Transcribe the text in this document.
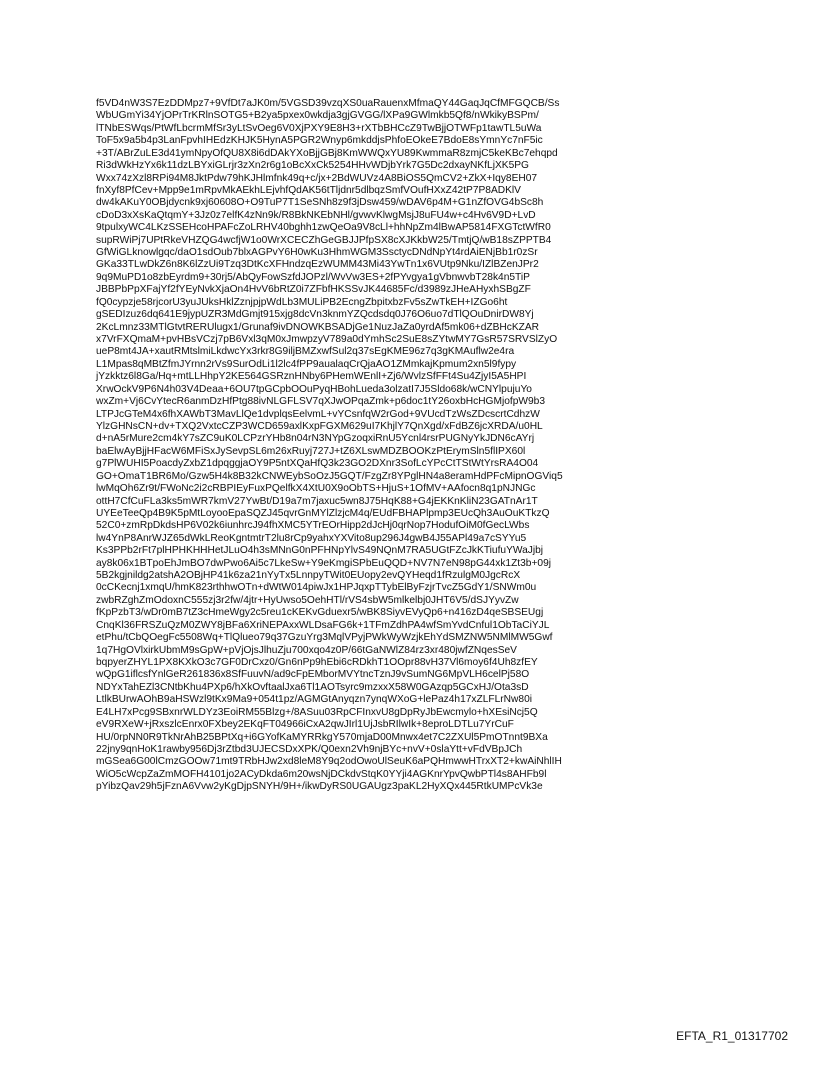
f5VD4nW3S7EzDDMpz7+9VfDt7aJK0m/5VGSD39vzqXS0uaRauenxMfmaQY44GaqJqCfMFGQCB/Ss
WbUGmYi34YjOPrTrKRlnSOTG5+B2ya5pxex0wkdja3gjGVGG/lXPa9GWlmkb5Qf8/nWkikyBSPm/
lTNbESWqs/PtWfLbcrmMfSr3yLtSvOeg6V0XjPXY9E8H3+rXTbBHCcZ9TwBjjOTWFp1tawTL5uWa
ToF5x9a5b4p3LanFpvhIHEdzKHJK5HynA5PGR2Wnyp6mkddjsPhfoEOkeE7BdoE8sYmnYc7nF5ic
+3T/ABrZuLE3d41ymNpyOfQU8X8i6dDAkYXoBjjGBj8KmWWQxYU89KwmmaR8zmjC5keKBc7ehqpd
Ri3dWkHzYx6k11dzLBYxiGLrjr3zXn2r6g1oBcXxCk5254HHvWDjbYrk7G5Dc2dxayNKfLjXK5PG
Wxx74zXzl8RPi94M8JktPdw79hKJHlmfnk49q+c/jx+2BdWUVz4A8BiOS5QmCV2+ZkX+Iqy8EH07
fnXyf8PfCev+Mpp9e1mRpvMkAEkhLEjvhfQdAK56tTljdnr5dlbqzSmfVOufHXxZ42tP7P8ADKlV
dw4kAKuY0OBjdycnk9xj60608O+O9TuP7T1SeSNh8z9f3jDsw459/wDAV6p4M+G1nZfOVG4bSc8h
cDoD3xXsKaQtqmY+3Jz0z7elfK4zNn9k/R8BkNKEbNHl/gvwvKlwgMsjJ8uFU4w+c4Hv6V9D+LvD
9tpulxyWC4LKzSSEHcoHPAFcZoLRHV40bghh1zwQeOa9V8cLl+hhNpZm4lBwAP5814FXGTctWfR0
supRWiPj7UPtRkeVHZQG4wcfjW1o0WrXCECZhGeGBJJPfpSX8cXJKkbW25/TmtjQ/wB18sZPPTB4
GfWiGLknowlgqc/daO1sdOub7blxAGPvY6H0wKu3HhmWGM3SsctycDNdNpYt4rdAiENjBb1r0zSr
GKa33TLwDkZ6n8K6lZzUi9Tzq3DtKcXFHndzqEzWUMM43Mi43YwTn1x6VUtp9Nku/IZlBZenJPr2
9q9MuPD1o8zbEyrdm9+30rj5/AbQyFowSzfdJOPzl/WvVw3ES+2fPYvgya1gVbnwvbT28k4n5TiP
JBBPbPpXFajYf2fYEyNvkXjaOn4HvV6bRtZ0i7ZFbfHKSSvJK44685Fc/d3989zJHeAHyxhSBgZF
fQ0cypzje58rjcorU3yuJUksHklZznjpjpWdLb3MULiPB2EcngZbpitxbzFv5sZwTkEH+IZGo6ht
gSEDIzuz6dq641E9jypUZR3MdGmjt915xjg8dcVn3knmYZQcdsdq0J76O6uo7dTlQOuDnirDW8Yj
2KcLmnz33MTlGtvtRERUlugx1/Grunaf9ivDNOWKBSADjGe1NuzJaZa0yrdAf5mk06+dZBHcKZAR
x7VrFXQmaM+pvHBsVCzj7pB6Vxl3qM0xJmwpzyV789a0dYmhSc2SuE8sZYtwMY7GsR57SRVSlZyO
ueP8mt4JA+xautRMtslmiLkdwcYx3rkr8G9iljBMZxwfSul2q37sEgKME96z7q3gKMAuflw2e4ra
L1Mpas8qMBtZfmJYrnn2rVs9SurOdLi1l2lc4fPP9aualaqCrQjaAO1ZMmkajKpmum2xn5l9fypy
jYzkktz6l8Ga/Hq+mtLLHhpY2KE564GSRznHNby6PHemWEnlI+Zj6/WvlzSfFFt4Su4ZjyI5A5HPI
XrwOckV9P6N4h03V4Deaa+6OU7tpGCpbOOuPyqHBohLueda3olzatI7J5Sldo68k/wCNYlpujuYo
wxZm+Vj6CvYtecR6anmDzHfPtg88ivNLGFLSV7qXJwOPqaZmk+p6doc1tY26oxbHcHGMjofpW9b3
LTPJcGTeM4x6fhXAWbT3MavLlQe1dvplqsEelvmL+vYCsnfqW2rGod+9VUcdTzWsZDcscrtCdhzW
YlzGHNsCN+dv+TXQ2VxtcCZP3WCD659axlKxpFGXM629uI7KhjlY7QnXgd/xFdBZ6jcXRDA/u0HL
d+nA5rMure2cm4kY7sZC9uK0LCPzrYHb8n04rN3NYpGzoqxiRnU5Ycnl4rsrPUGNyYkJDN6cAYrj
baElwAyBjjHFacW6MFiSxJySevpSL6m26xRuyj727J+tZ6XLswMDZBOOKzPtErymSln5flIPX60l
g7PlWUHI5PoacdyZxbZ1dpqggjaOY9P5ntXQaHfQ3k23GO2DXnr3SofLcYPcCtTStWtYrsRA4O04
GO+OmaT1BR6Mo/Gzw5H4k8B32kCNWEybSoOzJ5GQT/FzgZr8YPglHN4a8eramHdPFcMipnOGViq5
lwMqOh6Zr9t/FWoNc2i2cRBPIEyFuxPQelfkX4XtU0X9oObTS+HjuS+1OfMV+AAfocn8q1pNJNGc
ottH7CfCuFLa3ks5mWR7kmV27YwBt/D19a7m7jaxuc5wn8J75HqK88+G4jEKKnKliN23GATnAr1T
UYEeTeeQp4B9K5pMtLoyooEpaSQZJ45qvrGnMYlZlzjcM4q/EUdFBHAPlpmp3EUcQh3AuOuKTkzQ
52C0+zmRpDkdsHP6V02k6iunhrcJ94fhXMC5YTrEOrHipp2dJcHj0qrNop7HodufOiM0fGecLWbs
lw4YnP8AnrWJZ65dWkLReoKgntmtrT2lu8rCp9yahxYXVito8up296J4gwB4J55APl49a7cSYYu5
Ks3PPb2rFt7plHPHKHHHetJLuO4h3sMNnG0nPFHNpYlvS49NQnM7RA5UGtFZcJkKTiufuYWaJjbj
ay8k06x1BTpoEhJmBO7dwPwo6Ai5c7LkeSw+Y9eKmgiSPbEuQQD+NV7N7eN98pG44xk1Zt3b+09j
5B2kgjnildg2atshA2OBjHP41k6za21nYyTx5LnnpyTWit0EUopy2evQYHeqd1fRzulgM0JgcRcX
0cCKecnj1xmqU/hmK823rthhwOTn+dWtW014piwJx1HPJqxpTTybElByFzjrTvcZ5GdY1/SNWm0u
zwbRZghZmOdoxnC555zj3r2fw/4jtr+HyUwso5OehHTl/rVS4sbW5mlkelbj0JHT6V5/dSJYyvZw
fKpPzbT3/wDr0mB7tZ3cHmeWgy2c5reu1cKEKvGduexr5/wBK8SiyvEVyQp6+n416zD4qeSBSEUgj
CnqKl36FRSZuQzM0ZWY8jBFa6XriNEPAxxWLDsaFG6k+1TFmZdhPA4wfSmYvdCnful1ObTaCiYJL
etPhu/tCbQOegFc5508Wq+TlQlueo79q37GzuYrg3MqlVPyjPWkWyWzjkEhYdSMZNW5NMlMW5Gwf
1q7HgOVlxirkUbmM9sGpW+pVjOjsJlhuZju700xqo4z0P/66tGaNWlZ84rz3xr480jwfZNqesSeV
bqpyerZHYL1PX8KXkO3c7GF0DrCxz0/Gn6nPp9hEbi6cRDkhT1OOpr88vH37Vl6moy6f4Uh8zfEY
wQpG1iflcsfYnlGeR261836x8SfFuuvN/ad9cFpEMborMVYtncTznJ9vSumNG6MpVLH6celPj58O
NDYxTahEZl3CNtbKhu4PXp6/hXkOvftaalJxa6Tl1AOTsyrc9mzxxX58W0GAzqp5GCxHJ/Ota3sD
LtlkBUrwAOhB9aHSWzl9tKx9Ma9+054t1pz/AGMGtAnyqzn7ynqWXoG+lePaz4h17xZLFLrNw80i
E4LH7xPcg9SBxnrWLDYz3EoiRM55Blzg+/8ASuu03RpCFInxvU8gDpRyJbEwcmylo+hXEsiNcj5Q
eV9RXeW+jRxszlcEnrx0FXbey2EKqFT04966iCxA2qwJIrl1UjJsbRIlwIk+8eproLDTLu7YrCuF
HU/0rpNN0R9TkNrAhB25BPtXq+i6GYofKaMYRRkgY570mjaD00Mnwx4et7C2ZXUl5PmOTnnt9BXa
22jny9qnHoK1rawby956Dj3rZtbd3UJECSDxXPK/Q0exn2Vh9njBYc+nvV+0slaYtt+vFdVBpJCh
mGSea6G00lCmzGOOw71mt9TRbHJw2xd8leM8Y9q2odOwoUlSeuK6aPQHmwwHTrxXT2+kwAiNhlIH
WiO5cWcpZaZmMOFH4101jo2ACyDkda6m20wsNjDCkdvStqK0YYji4AGKnrYpvQwbPTl4s8AHFb9l
pYibzQav29h5jFznA6Vvw2yKgDjpSNYH/9H+/ikwDyRS0UGAUgz3paKL2HyXQx445RtkUMPcVk3e
EFTA_R1_01317702
